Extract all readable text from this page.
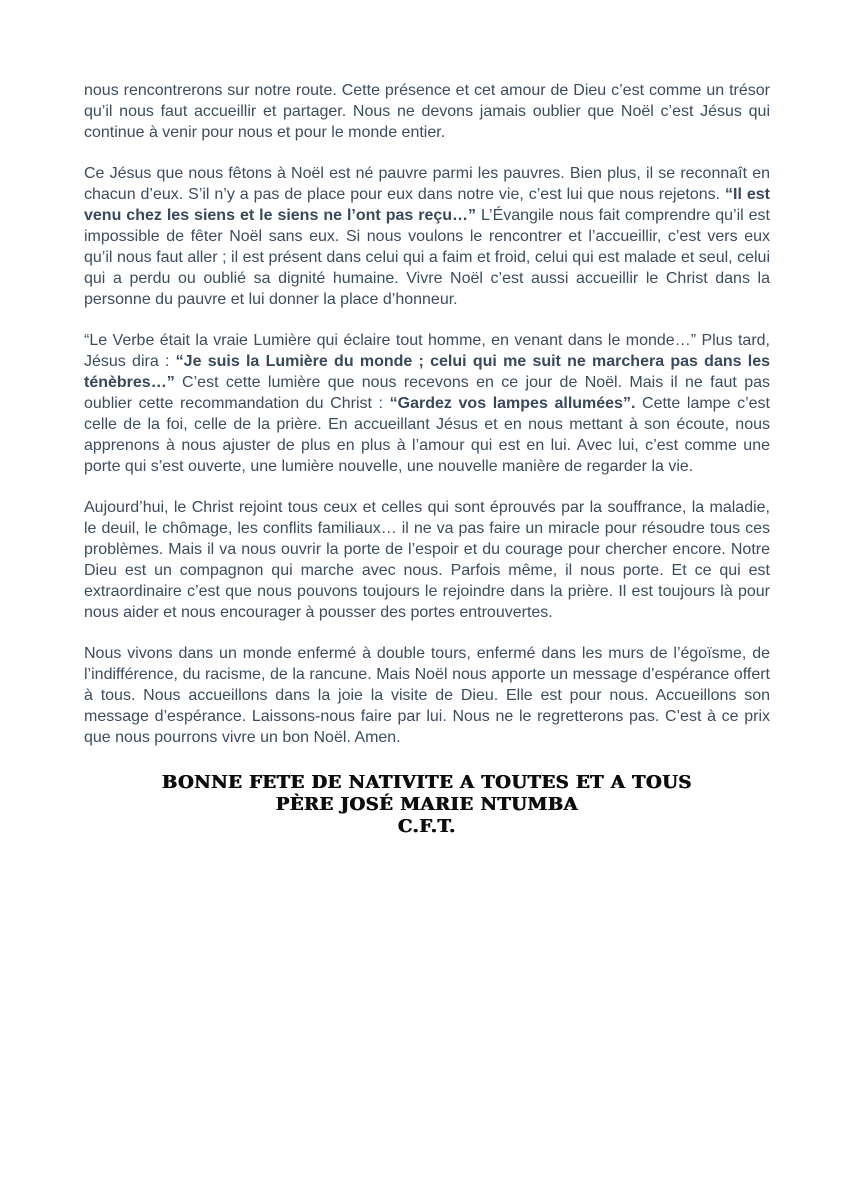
nous rencontrerons sur notre route. Cette présence et cet amour de Dieu c’est comme un trésor qu’il nous faut accueillir et partager. Nous ne devons jamais oublier que Noël c’est Jésus qui continue à venir pour nous et pour le monde entier.

Ce Jésus que nous fêtons à Noël est né pauvre parmi les pauvres. Bien plus, il se reconnaît en chacun d’eux. S’il n’y a pas de place pour eux dans notre vie, c’est lui que nous rejetons. “Il est venu chez les siens et le siens ne l’ont pas reçu…” L’Évangile nous fait comprendre qu’il est impossible de fêter Noël sans eux. Si nous voulons le rencontrer et l’accueillir, c’est vers eux qu’il nous faut aller ; il est présent dans celui qui a faim et froid, celui qui est malade et seul, celui qui a perdu ou oublié sa dignité humaine. Vivre Noël c’est aussi accueillir le Christ dans la personne du pauvre et lui donner la place d’honneur.

“Le Verbe était la vraie Lumière qui éclaire tout homme, en venant dans le monde…” Plus tard, Jésus dira : “Je suis la Lumière du monde ; celui qui me suit ne marchera pas dans les ténèbres…” C’est cette lumière que nous recevons en ce jour de Noël. Mais il ne faut pas oublier cette recommandation du Christ : “Gardez vos lampes allumées”. Cette lampe c’est celle de la foi, celle de la prière. En accueillant Jésus et en nous mettant à son écoute, nous apprenons à nous ajuster de plus en plus à l’amour qui est en lui. Avec lui, c’est comme une porte qui s’est ouverte, une lumière nouvelle, une nouvelle manière de regarder la vie.

Aujourd’hui, le Christ rejoint tous ceux et celles qui sont éprouvés par la souffrance, la maladie, le deuil, le chômage, les conflits familiaux… il ne va pas faire un miracle pour résoudre tous ces problèmes. Mais il va nous ouvrir la porte de l’espoir et du courage pour chercher encore. Notre Dieu est un compagnon qui marche avec nous. Parfois même, il nous porte. Et ce qui est extraordinaire c’est que nous pouvons toujours le rejoindre dans la prière. Il est toujours là pour nous aider et nous encourager à pousser des portes entrouvertes.

Nous vivons dans un monde enfermé à double tours, enfermé dans les murs de l’égoïsme, de l’indifférence, du racisme, de la rancune. Mais Noël nous apporte un message d’espérance offert à tous. Nous accueillons dans la joie la visite de Dieu. Elle est pour nous. Accueillons son message d’espérance. Laissons-nous faire par lui. Nous ne le regretterons pas. C’est à ce prix que nous pourrons vivre un bon Noël. Amen.

BONNE FETE DE NATIVITE A TOUTES ET A TOUS
PÈRE JOSÉ MARIE NTUMBA
C.F.T.
